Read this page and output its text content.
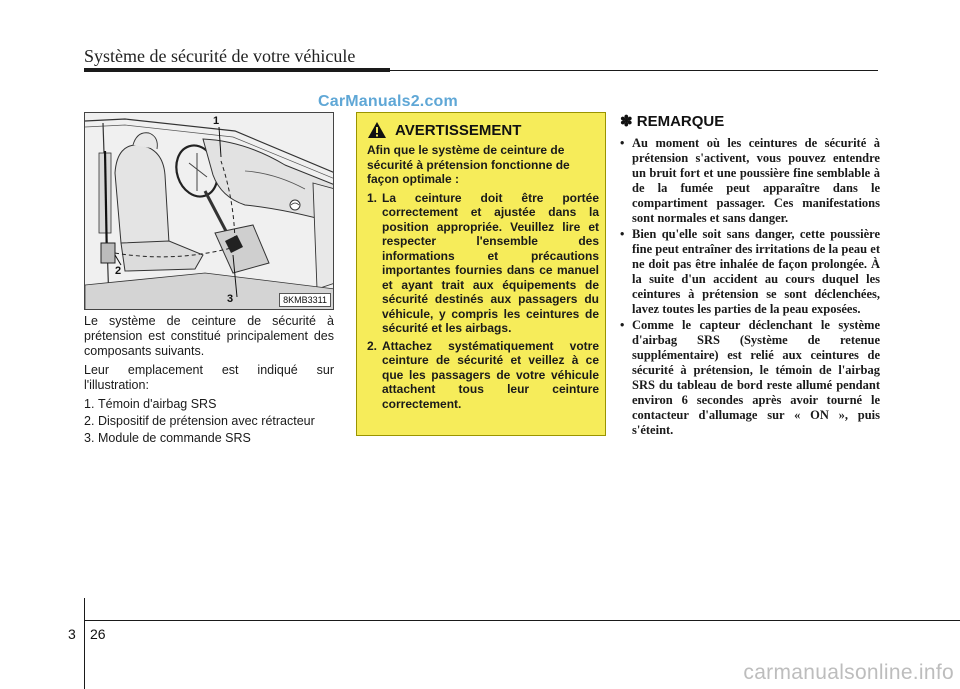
Système de sécurité de votre véhicule
CarManuals2.com
1
2
3	8KMB3311

Le système de ceinture de sécurité à prétension est constitué principalement des composants suivants.

Leur emplacement est indiqué sur l'illustration:

1. Témoin d'airbag SRS
2. Dispositif de prétension avec rétracteur
3. Module de commande SRS
AVERTISSEMENT

Afin que le système de ceinture de sécurité à prétension fonctionne de façon optimale :

1. La ceinture doit être portée correctement et ajustée dans la position appropriée. Veuillez lire et respecter l'ensemble des informations et précautions importantes fournies dans ce manuel et ayant trait aux équipements de sécurité destinés aux passagers du véhicule, y compris les ceintures de sécurité et les airbags.
2. Attachez systématiquement votre ceinture de sécurité et veillez à ce que les passagers de votre véhicule attachent tous leur ceinture correctement.
✽ REMARQUE
• Au moment où les ceintures de sécurité à prétension s'activent, vous pouvez entendre un bruit fort et une poussière fine semblable à de la fumée peut apparaître dans le compartiment passager. Ces manifestations sont normales et sans danger.
• Bien qu'elle soit sans danger, cette poussière fine peut entraîner des irritations de la peau et ne doit pas être inhalée de façon prolongée. À la suite d'un accident au cours duquel les ceintures à prétension se sont déclenchées, lavez toutes les parties de la peau exposées.
• Comme le capteur déclenchant le système d'airbag SRS (Système de retenue supplémentaire) est relié aux ceintures de sécurité à prétension, le témoin de l'airbag SRS du tableau de bord reste allumé pendant environ 6 secondes après avoir tourné le contacteur d'allumage sur « ON », puis s'éteint.
3 26
carmanualsonline.info
